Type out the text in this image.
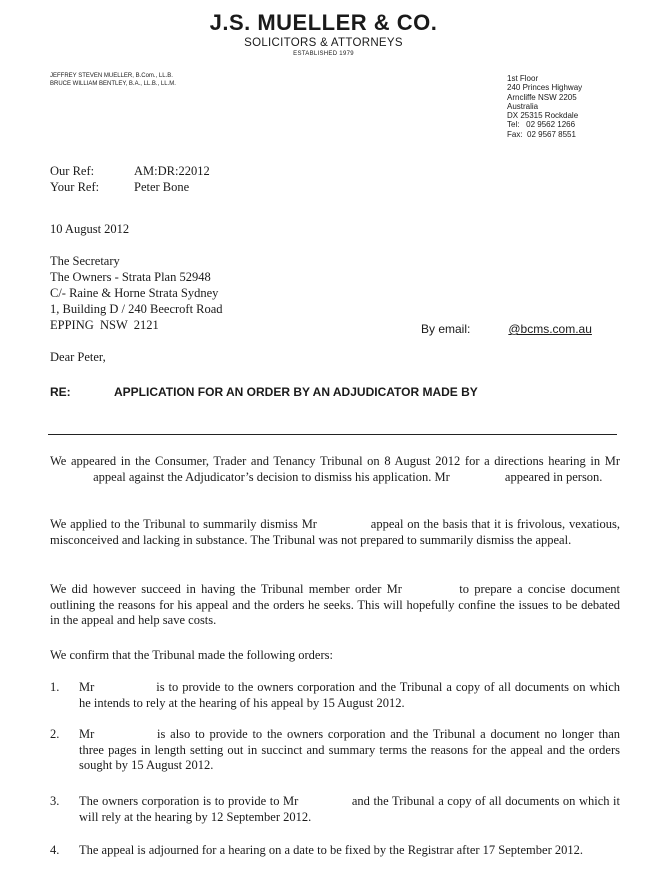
J.S. MUELLER & CO.
SOLICITORS & ATTORNEYS
ESTABLISHED 1979
JEFFREY STEVEN MUELLER, B.Com., LL.B.
BRUCE WILLIAM BENTLEY, B.A., LL.B., LL.M.
1st Floor
240 Princes Highway
Arncliffe NSW 2205
Australia
DX 25315 Rockdale
Tel:   02 9562 1266
Fax:  02 9567 8551
Our Ref:	AM:DR:22012
Your Ref:	Peter Bone
10 August 2012
The Secretary
The Owners - Strata Plan 52948
C/- Raine & Horne Strata Sydney
1, Building D / 240 Beecroft Road
EPPING  NSW  2121	By email:	@bcms.com.au
Dear Peter,
RE:	APPLICATION FOR AN ORDER BY AN ADJUDICATOR MADE BY

We appeared in the Consumer, Trader and Tenancy Tribunal on 8 August 2012 for a directions hearing in Mr appeal against the Adjudicator’s decision to dismiss his application. Mr	appeared in person.

We applied to the Tribunal to summarily dismiss Mr	appeal on the basis that it is frivolous, vexatious, misconceived and lacking in substance. The Tribunal was not prepared to summarily dismiss the appeal.

We did however succeed in having the Tribunal member order Mr	to prepare a concise document outlining the reasons for his appeal and the orders he seeks. This will hopefully confine the issues to be debated in the appeal and help save costs.

We confirm that the Tribunal made the following orders:

1. Mr	is to provide to the owners corporation and the Tribunal a copy of all documents on which he intends to rely at the hearing of his appeal by 15 August 2012.
2. Mr	is also to provide to the owners corporation and the Tribunal a document no longer than three pages in length setting out in succinct and summary terms the reasons for the appeal and the orders sought by 15 August 2012.
3. The owners corporation is to provide to Mr	and the Tribunal a copy of all documents on which it will rely at the hearing by 12 September 2012.
4. The appeal is adjourned for a hearing on a date to be fixed by the Registrar after 17 September 2012.
